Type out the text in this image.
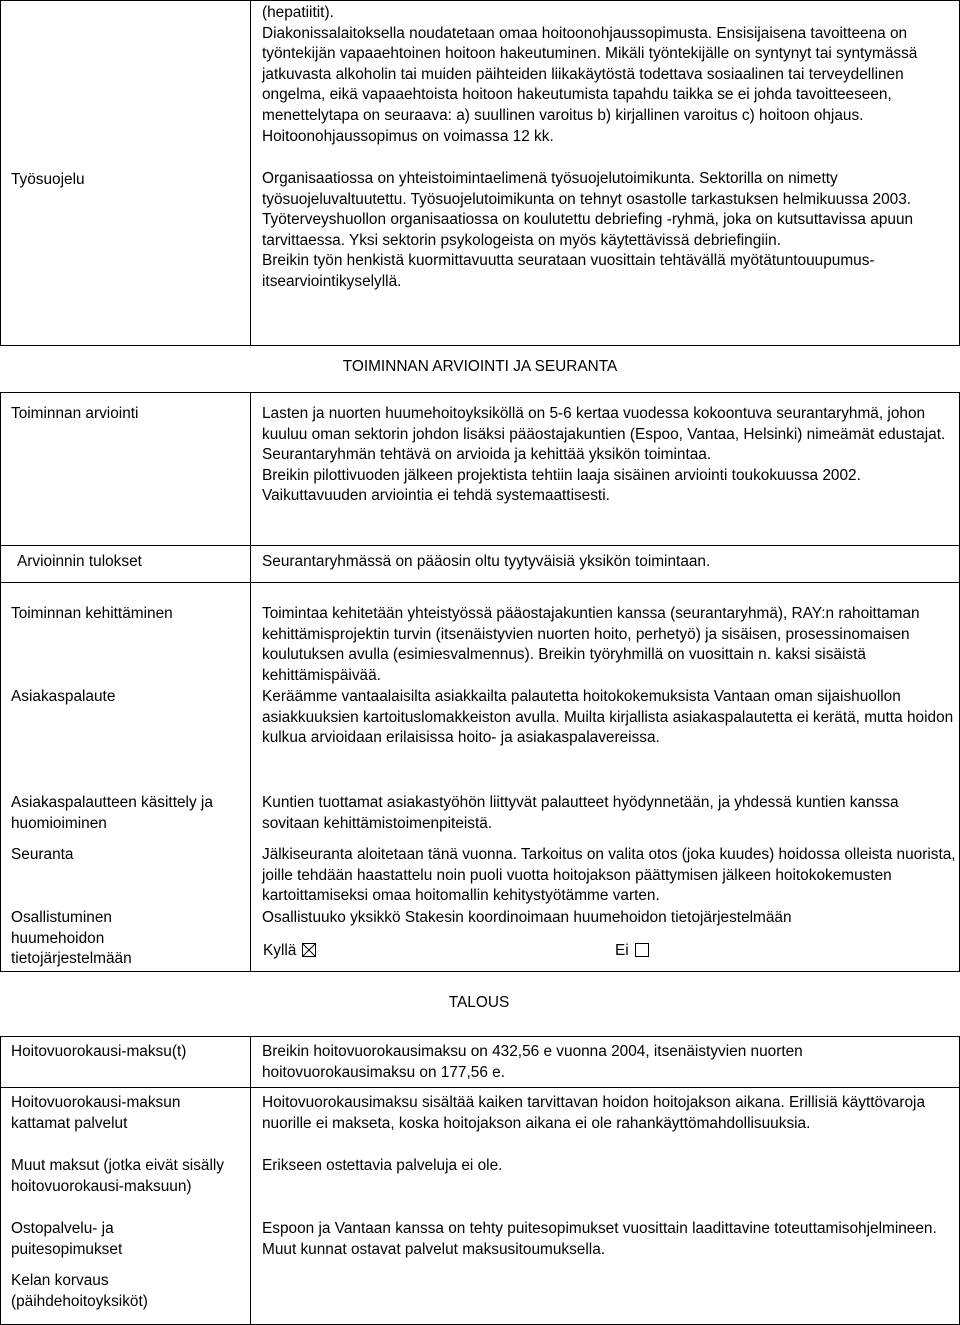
Työsuojelu
(hepatiitit).
Diakonissalaitoksella noudatetaan omaa hoitoonohjaussopimusta. Ensisijaisena tavoitteena on työntekijän vapaaehtoinen hoitoon hakeutuminen. Mikäli työntekijälle on syntynyt tai syntymässä jatkuvasta alkoholin tai muiden päihteiden liikakäytöstä todettava sosiaalinen tai terveydellinen ongelma, eikä vapaaehtoista hoitoon hakeutumista tapahdu taikka se ei johda tavoitteeseen, menettelytapa on seuraava: a) suullinen varoitus b) kirjallinen varoitus c) hoitoon ohjaus. Hoitoonohjaussopimus on voimassa 12 kk.
Organisaatiossa on yhteistoimintaelimenä työsuojelutoimikunta. Sektorilla on nimetty työsuojeluvaltuutettu. Työsuojelutoimikunta on tehnyt osastolle tarkastuksen helmikuussa 2003.
Työterveyshuollon organisaatiossa on koulutettu debriefing -ryhmä, joka on kutsuttavissa apuun tarvittaessa. Yksi sektorin psykologeista on myös käytettävissä debriefingiin.
Breikin työn henkistä kuormittavuutta seurataan vuosittain tehtävällä myötätuntouupumus-itsearviointikyselyllä.
TOIMINNAN ARVIOINTI JA SEURANTA
Toiminnan arviointi
Arvioinnin tulokset
Toiminnan kehittäminen
Asiakaspalaute
Asiakaspalautteen käsittely ja huomioiminen
Seuranta
Osallistuminen huumehoidon tietojärjestelmään
Lasten ja nuorten huumehoitoyksiköllä on 5-6 kertaa vuodessa kokoontuva seurantaryhmä, johon kuuluu oman sektorin johdon lisäksi pääostajakuntien (Espoo, Vantaa, Helsinki) nimeämät edustajat. Seurantaryhmän tehtävä on arvioida ja kehittää yksikön toimintaa.
Breikin pilottivuoden jälkeen projektista tehtiin laaja sisäinen arviointi toukokuussa 2002.
Vaikuttavuuden arviointia ei tehdä systemaattisesti.
Seurantaryhmässä on pääosin oltu tyytyväisiä yksikön toimintaan.
Toimintaa kehitetään yhteistyössä pääostajakuntien kanssa (seurantaryhmä), RAY:n rahoittaman kehittämisprojektin turvin (itsenäistyvien nuorten hoito, perhetyö) ja sisäisen, prosessinomaisen koulutuksen avulla (esimiesvalmennus). Breikin työryhmillä on vuosittain n. kaksi sisäistä kehittämispäivää.
Keräämme vantaalaisilta asiakkailta palautetta hoitokokemuksista Vantaan oman sijaishuollon asiakkuuksien kartoituslomakkeiston avulla. Muilta kirjallista asiakaspalautetta ei kerätä, mutta hoidon kulkua arvioidaan erilaisissa hoito- ja asiakaspalavereissa.
Kuntien tuottamat asiakastyöhön liittyvät palautteet hyödynnetään, ja yhdessä kuntien kanssa sovitaan kehittämistoimenpiteistä.
Jälkiseuranta aloitetaan tänä vuonna. Tarkoitus on valita otos (joka kuudes) hoidossa olleista nuorista, joille tehdään haastattelu noin puoli vuotta hoitojakson päättymisen jälkeen hoitokokemusten kartoittamiseksi omaa hoitomallin kehitystyötämme varten.
Osallistuuko yksikkö Stakesin koordinoimaan huumehoidon tietojärjestelmään
Kyllä	Ei
TALOUS
Hoitovuorokausi-maksu(t)
Hoitovuorokausi-maksun kattamat palvelut
Muut maksut (jotka eivät sisälly hoitovuorokausi-maksuun)
Ostopalvelu- ja puitesopimukset
Kelan korvaus
(päihdehoitoyksiköt)
Breikin hoitovuorokausimaksu on 432,56 e vuonna 2004, itsenäistyvien nuorten hoitovuorokausimaksu on 177,56 e.
Hoitovuorokausimaksu sisältää kaiken tarvittavan hoidon hoitojakson aikana. Erillisiä käyttövaroja nuorille ei makseta, koska hoitojakson aikana ei ole rahankäyttömahdollisuuksia.
Erikseen ostettavia palveluja ei ole.
Espoon ja Vantaan kanssa on tehty puitesopimukset vuosittain laadittavine toteuttamisohjelmineen. Muut kunnat ostavat palvelut maksusitoumuksella.
